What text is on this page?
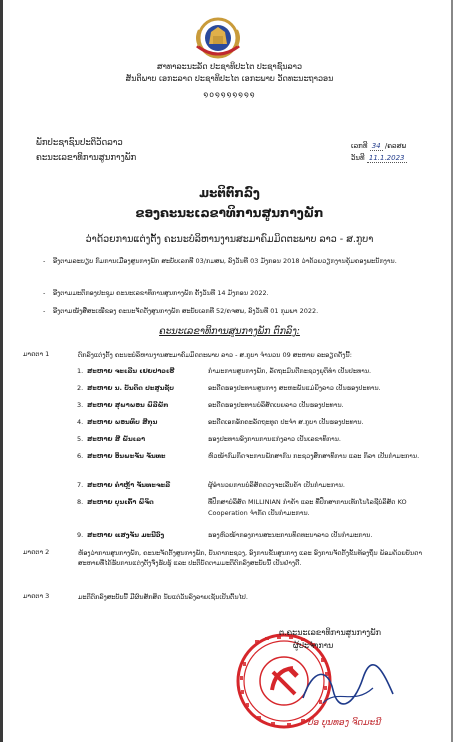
ສາທາລະນະລັດ ປະຊາທິປະໄຕ ປະຊາຊົນລາວ
ສັນຕິພາບ ເອກະລາດ ປະຊາທິປະໄຕ ເອກະພາບ ວັດທະນະຖາວອນ
໑໐໑໑໑໑໑໑໑
ພັກປະຊາຊົນປະຕິວັດລາວ
ຄະນະເລຂາທິການສູນກາງພັກ
ເລກທີ 34 /ຄລສພ
ວັນທີ 11.1.2023
ມະຕິຕົກລົງ
ຂອງຄະນະເລຂາທິການສູນກາງພັກ
ວ່າດ້ວຍການແຕ່ງຕັ້ງ ຄະນະບໍລິຫານງານສະມາຄົມມິດຕະພາບ ລາວ - ສ.ກູບາ
- ອີງຕາມລະບຽບ ກົມການເມືອງສູນກາງພັກ ສະບັບເລກທີ 03/ກມສພ, ລົງວັນທີ 03 ມັງກອນ 2018 ວ່າດ້ວຍວຽກງານຄຸ້ມຄອງພະນັກງານ.
- ອີງຕາມມະຕິກອງປະຊຸມ ຄະນະເລຂາທິການສູນກາງພັກ ຄັ້ງວັນທີ 14 ມັງກອນ 2022.
- ອີງຕາມໜັງສືສະເໜີຂອງ ຄະນະຈັດຕັ້ງສູນກາງພັກ ສະບັບເລກທີ 52/ຄຈສພ, ລົງວັນທີ 01 ກຸມພາ 2022.
ຄະນະເລຂາທິການສູນກາງພັກ ຕົກລົງ:
ມາດຕາ 1	ຕົກລົງແຕ່ງຕັ້ງ ຄະນະບໍລິຫານງານສະມາຄົມມິດຕະພາບ ລາວ - ສ.ກູບາ ຈຳນວນ 09 ສະຫາຍ ລະອຽດດັ່ງນີ້:
1. ສະຫາຍ ຈະເລີນ ເຢຍປາວເຮີ	ກຳມະການສູນກາງພັກ, ລັດຖະມົນຕີກະຊວງຍຸຕິທຳ ເປັນປະທານ.
2. ສະຫາຍ ນ. ບັນດິດ ປະສູນຊັບ	ອະດີດຮອງປະທານສູນກາງ ສະຫະພັນແມ່ຍິງລາວ ເປັນຮອງປະທານ.
3. ສະຫາຍ ສຸພາພອນ ພິລີພັກ	ອະດີດຮອງປະທານບໍລິສັດເບຍລາວ ເປັນຮອງປະທານ.
4. ສະຫາຍ ພອນທິບ ສີກຸນ	ອະດີດເອກອັກຄະລັດຖະທູດ ປະຈຳ ສ.ກູບາ ເປັນຮອງປະທານ.
5. ສະຫາຍ ສີ ພັນເລາ	ຮອງປະທານອົງການການແກ່ງລາວ ເປັນເລຂາທິການ.
6. ສະຫາຍ ອິນພະຈັນ ຈັນທະ	ຫົວໜ້າກົມກິດຈະການພັກສາກົນ ກະຊວງສຶກສາທິການ ແລະ ກິລາ ເປັນກຳມະການ.
7. ສະຫາຍ ຄຳຫຼ້າ ຈັນທະຈະລີ	ຜູ້ອຳນວຍການບໍລິສັດດວງຈະເລີນຄ້າ ເປັນກຳມະການ.
8. ສະຫາຍ ບຸນເຄົ້າ ພິຈິດ	ທີ່ປຶກສາບໍລິສັດ MILLINIAN ກຳຄ້າ ແລະ ທີ່ປຶກສາການເທັກໂນໂລຊີບໍລິສັດ KO Cooperation ຈຳກັດ ເປັນກຳມະການ.
9. ສະຫາຍ ແສງຈັນ ມະນີວົງ	ຮອງຫົວໜ້າກອງການສະນະການທິດທະນາລາວ ເປັນກຳມະການ.
ມາດຕາ 2	ຫ້ອງວ່າການສູນກາງພັກ, ຄະນະຈັດຕັ້ງສູນກາງພັກ, ບັນດາກະຊວງ, ອົງການຂັ້ນສູນກາງ ແລະ ອົງການຈັດຕັ້ງຂັ້ນທ້ອງຖິ່ນ ພ້ອມດ້ວຍບັນດາສະຫາຍທີ່ໄດ້ຮັບການແຕ່ງຕັ້ງຈົ່ງຮັບຮູ້ ແລະ ປະຕິບັດຕາມມະຕິຕົກລົງສະບັບນີ້ ເປັນຢ່າງດີ.
ມາດຕາ 3	ມະຕິຕົກລົງສະບັບນີ້ ມີຜົນສັກສິດ ນັບແຕ່ວັນລົງລາຍເຊັນເປັນຕົ້ນໄປ.
ຕ.ຄະນະເລຂາທິການສູນກາງພັກ
ຜູ້ປະຈຳການ
ປອ ບຸນທອງ ຈິດມະນີ
